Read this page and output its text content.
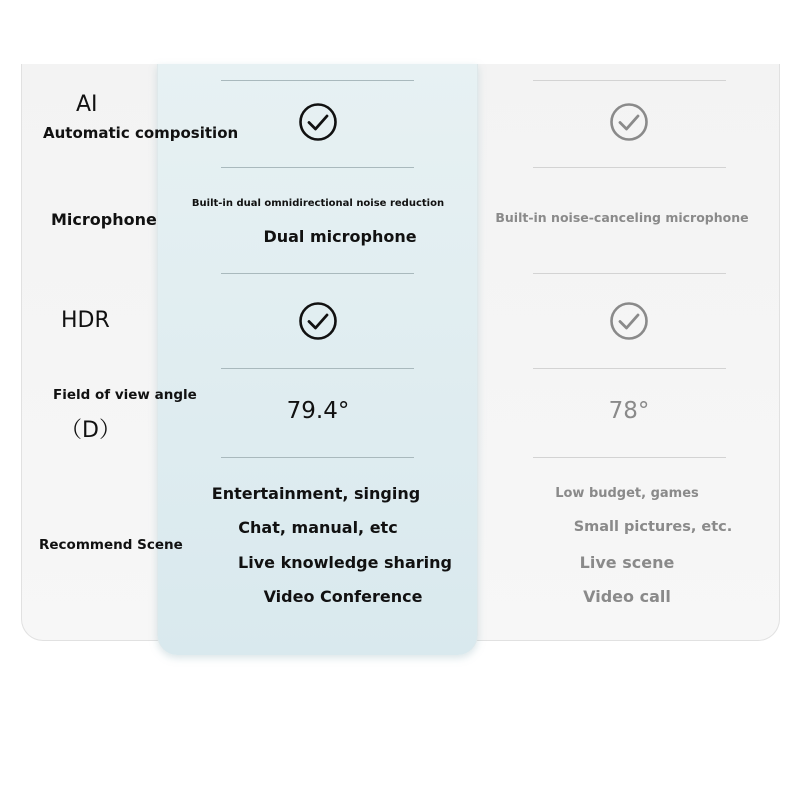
AI
Automatic composition
Microphone
Built-in dual omnidirectional noise reduction
Dual microphone
Built-in noise-canceling microphone
HDR
Field of view angle
（D）
79.4°	78°
Recommend Scene
Entertainment, singing
Chat, manual, etc
Live knowledge sharing
Video Conference
Low budget, games
Small pictures, etc.
Live scene
Video call
